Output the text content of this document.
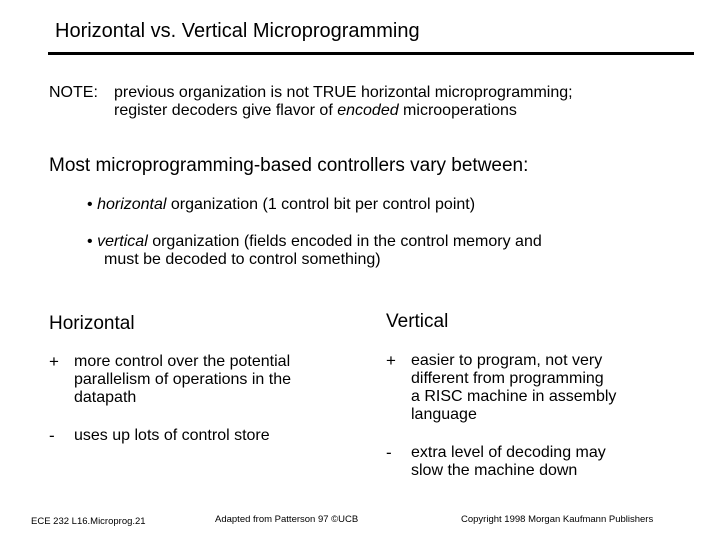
Horizontal vs. Vertical Microprogramming
NOTE: previous organization is not TRUE horizontal microprogramming;
register decoders give flavor of encoded microoperations
Most microprogramming-based controllers vary between:
• horizontal organization (1 control bit per control point)
• vertical organization (fields encoded in the control memory and
must be decoded to control something)
Horizontal	Vertical
+ more control over the potential
parallelism of operations in the
datapath
- uses up lots of control store
+ easier to program, not very
different from programming
a RISC machine in assembly
language
- extra level of decoding may
slow the machine down
ECE 232 L16.Microprog.21	Adapted from Patterson 97 ©UCB	Copyright 1998 Morgan Kaufmann Publishers
